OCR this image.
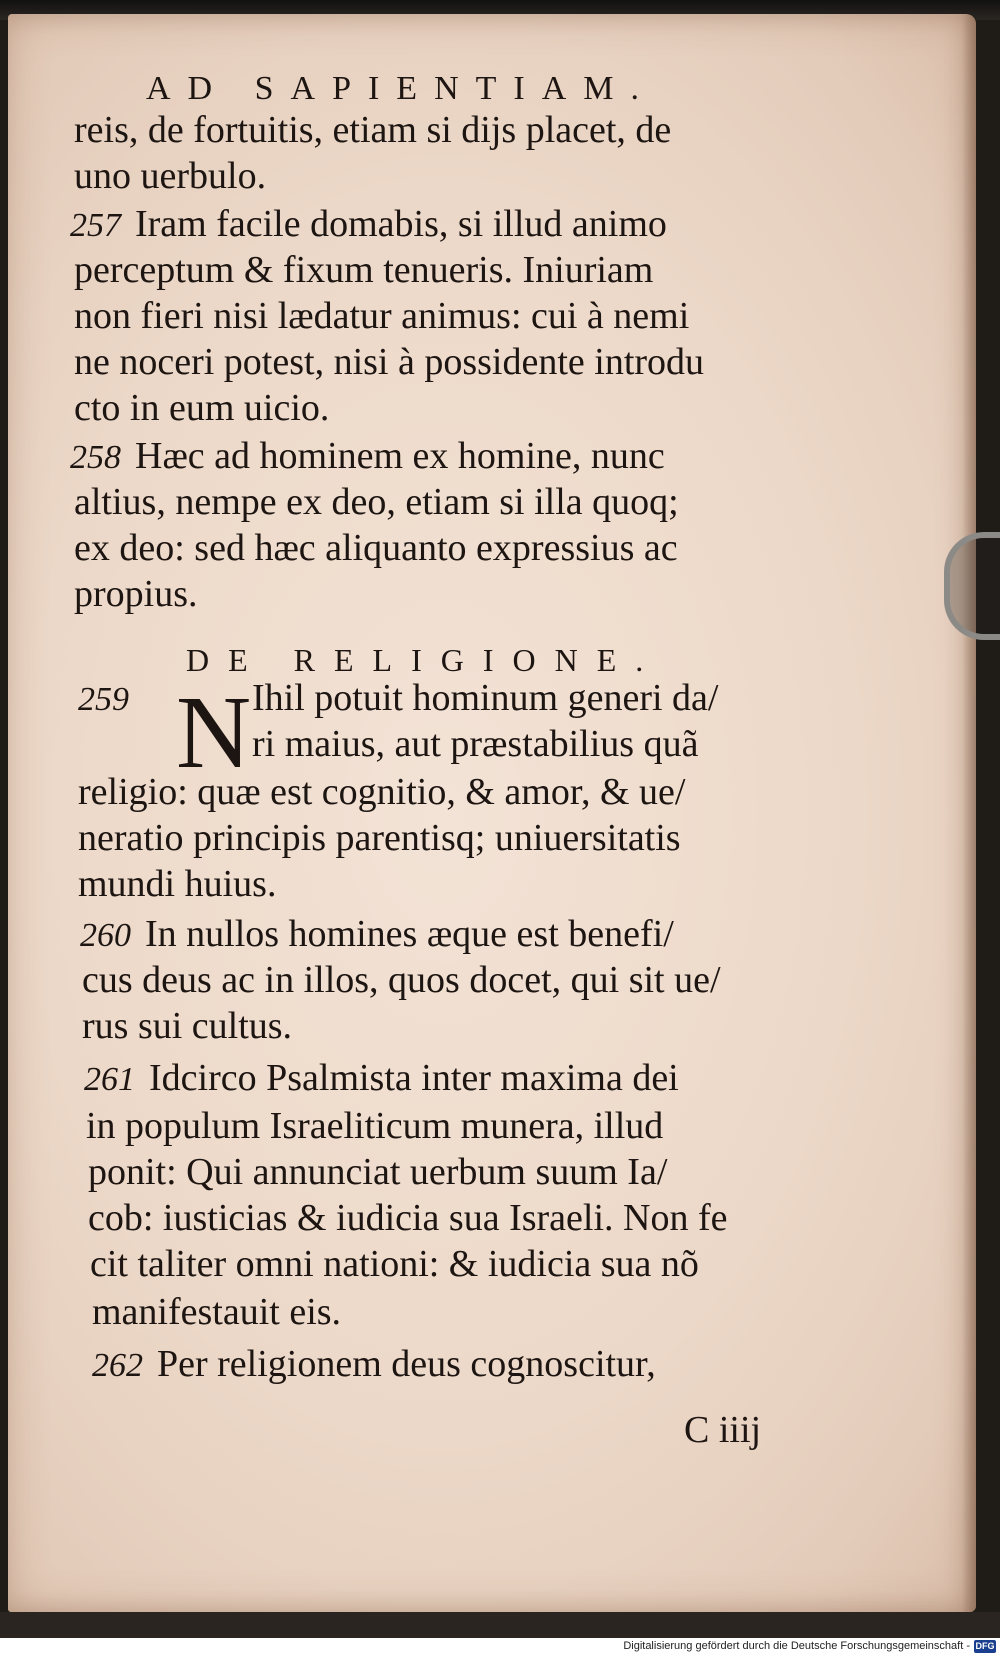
AD SAPIENTIAM.
reis, de fortuitis, etiam si dijs placet, de
uno uerbulo.
257 Iram facile domabis, si illud animo
perceptum & fixum tenueris. Iniuriam
non fieri nisi lædatur animus: cui à nemi
ne noceri potest, nisi à possidente introdu
cto in eum uicio.
258 Hæc ad hominem ex homine, nunc
altius, nempe ex deo, etiam si illa quoq;
ex deo: sed hæc aliquanto expressius ac
propius.
DE RELIGIONE.
259 N Ihil potuit hominum generi da/
ri maius, aut præstabilius quã
religio: quæ est cognitio, & amor, & ue/
neratio principis parentisq; uniuersitatis
mundi huius.
260 In nullos homines æque est benefi/
cus deus ac in illos, quos docet, qui sit ue/
rus sui cultus.
261 Idcirco Psalmista inter maxima dei
in populum Israeliticum munera, illud
ponit: Qui annunciat uerbum suum Ia/
cob: iusticias & iudicia sua Israeli. Non fe
cit taliter omni nationi: & iudicia sua nõ
manifestauit eis.
262 Per religionem deus cognoscitur,
C iiij
Digitalisierung gefördert durch die Deutsche Forschungsgemeinschaft - DFG
